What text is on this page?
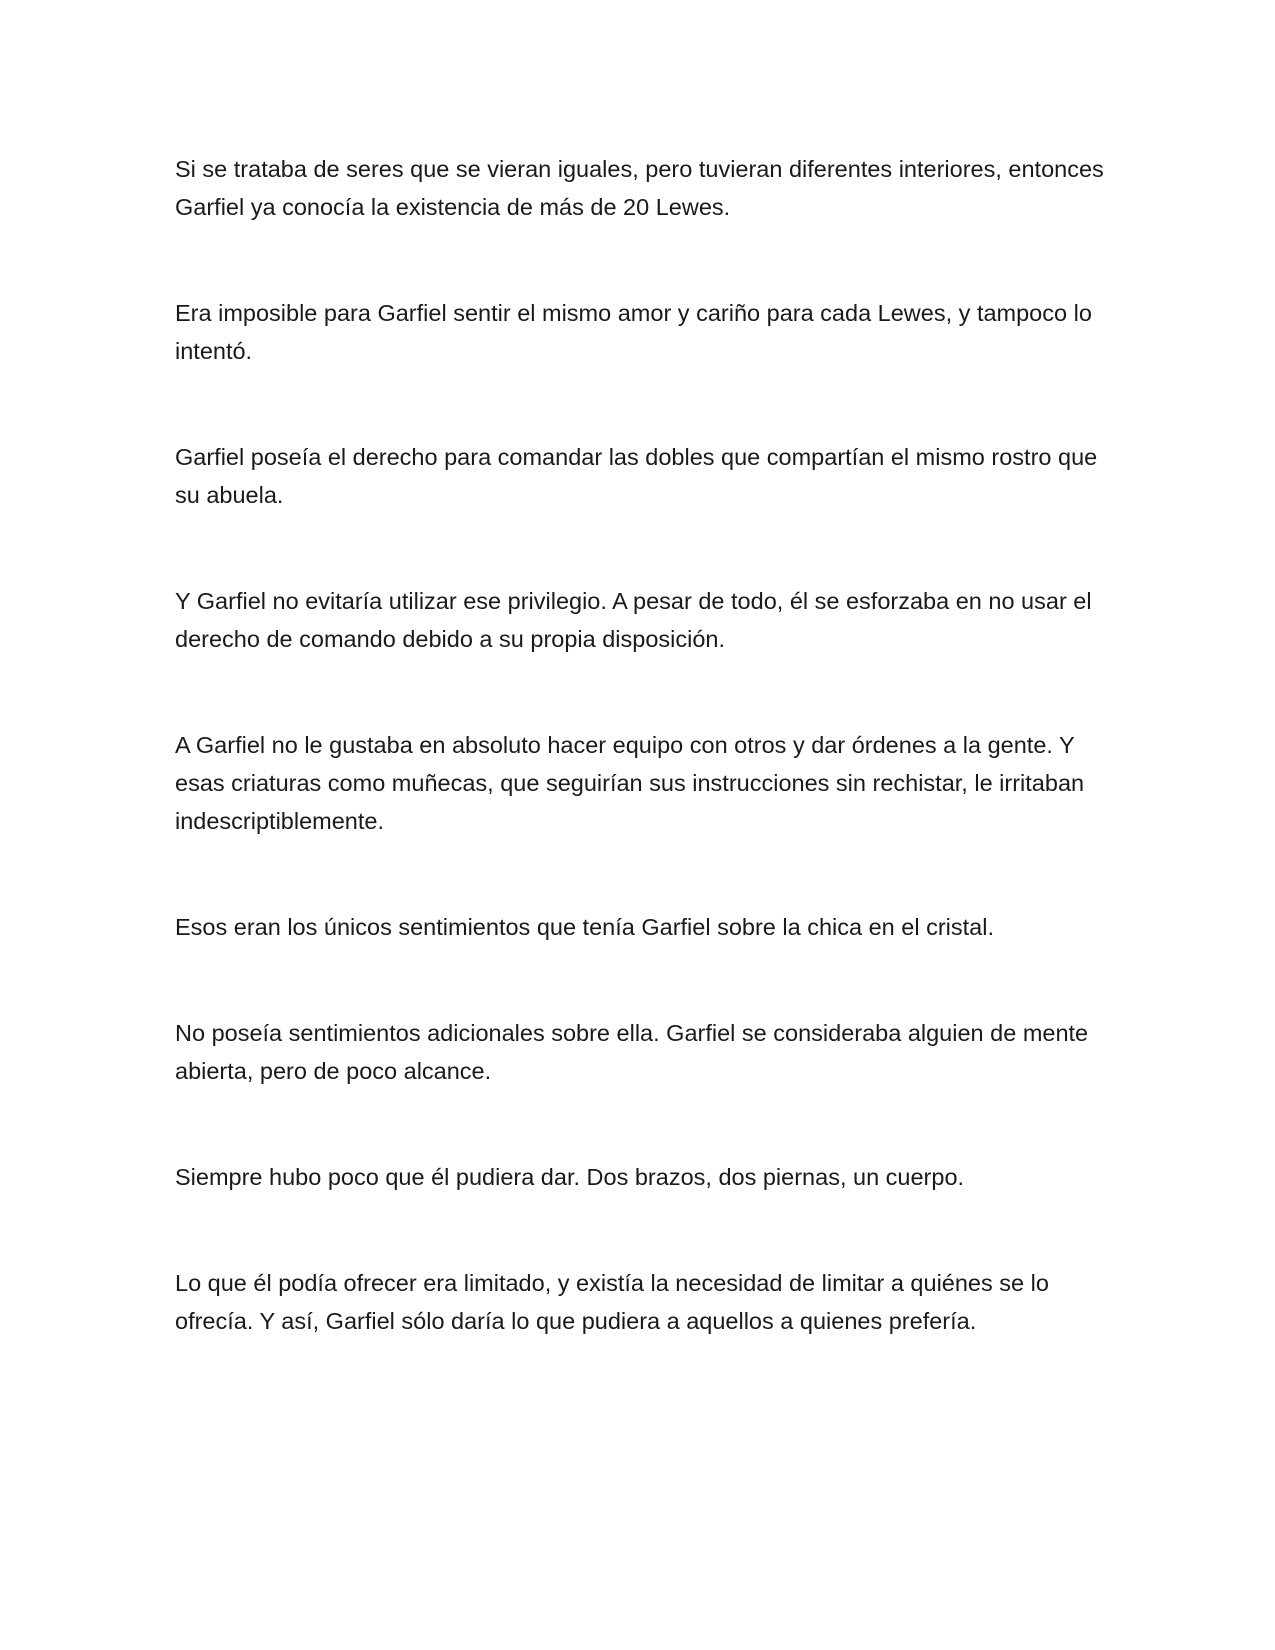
Si se trataba de seres que se vieran iguales, pero tuvieran diferentes interiores, entonces Garfiel ya conocía la existencia de más de 20 Lewes.

Era imposible para Garfiel sentir el mismo amor y cariño para cada Lewes, y tampoco lo intentó.

Garfiel poseía el derecho para comandar las dobles que compartían el mismo rostro que su abuela.

Y Garfiel no evitaría utilizar ese privilegio. A pesar de todo, él se esforzaba en no usar el derecho de comando debido a su propia disposición.

A Garfiel no le gustaba en absoluto hacer equipo con otros y dar órdenes a la gente. Y esas criaturas como muñecas, que seguirían sus instrucciones sin rechistar, le irritaban indescriptiblemente.

Esos eran los únicos sentimientos que tenía Garfiel sobre la chica en el cristal.

No poseía sentimientos adicionales sobre ella. Garfiel se consideraba alguien de mente abierta, pero de poco alcance.

Siempre hubo poco que él pudiera dar. Dos brazos, dos piernas, un cuerpo.

Lo que él podía ofrecer era limitado, y existía la necesidad de limitar a quiénes se lo ofrecía. Y así, Garfiel sólo daría lo que pudiera a aquellos a quienes prefería.
